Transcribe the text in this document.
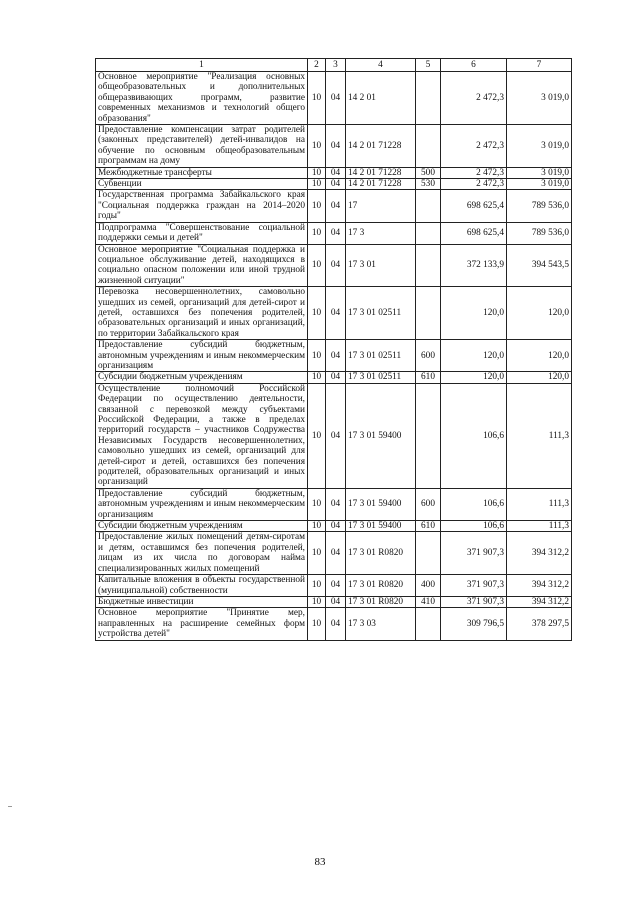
1	2	3	4	5	6	7
Основное мероприятие "Реализация основных общеобразовательных и дополнительных общеразвивающих программ, развитие современных механизмов и технологий общего образования"	10	04	14 2 01		2 472,3	3 019,0
Предоставление компенсации затрат родителей (законных представителей) детей-инвалидов на обучение по основным общеобразовательным программам на дому	10	04	14 2 01 71228		2 472,3	3 019,0
Межбюджетные трансферты	10	04	14 2 01 71228	500	2 472,3	3 019,0
Субвенции	10	04	14 2 01 71228	530	2 472,3	3 019,0
Государственная программа Забайкальского края "Социальная поддержка граждан на 2014–2020 годы"	10	04	17		698 625,4	789 536,0
Подпрограмма "Совершенствование социальной поддержки семьи и детей"	10	04	17 3		698 625,4	789 536,0
Основное мероприятие "Социальная поддержка и социальное обслуживание детей, находящихся в социально опасном положении или иной трудной жизненной ситуации"	10	04	17 3 01		372 133,9	394 543,5
Перевозка несовершеннолетних, самовольно ушедших из семей, организаций для детей-сирот и детей, оставшихся без попечения родителей, образовательных организаций и иных организаций, по территории Забайкальского края	10	04	17 3 01 02511		120,0	120,0
Предоставление субсидий бюджетным, автономным учреждениям и иным некоммерческим организациям	10	04	17 3 01 02511	600	120,0	120,0
Субсидии бюджетным учреждениям	10	04	17 3 01 02511	610	120,0	120,0
Осуществление полномочий Российской Федерации по осуществлению деятельности, связанной с перевозкой между субъектами Российской Федерации, а также в пределах территорий государств – участников Содружества Независимых Государств несовершеннолетних, самовольно ушедших из семей, организаций для детей-сирот и детей, оставшихся без попечения родителей, образовательных организаций и иных организаций	10	04	17 3 01 59400		106,6	111,3
Предоставление субсидий бюджетным, автономным учреждениям и иным некоммерческим организациям	10	04	17 3 01 59400	600	106,6	111,3
Субсидии бюджетным учреждениям	10	04	17 3 01 59400	610	106,6	111,3
Предоставление жилых помещений детям-сиротам и детям, оставшимся без попечения родителей, лицам из их числа по договорам найма специализированных жилых помещений	10	04	17 3 01 R0820		371 907,3	394 312,2
Капитальные вложения в объекты государственной (муниципальной) собственности	10	04	17 3 01 R0820	400	371 907,3	394 312,2
Бюджетные инвестиции	10	04	17 3 01 R0820	410	371 907,3	394 312,2
Основное мероприятие "Принятие мер, направленных на расширение семейных форм устройства детей"	10	04	17 3 03		309 796,5	378 297,5
83
